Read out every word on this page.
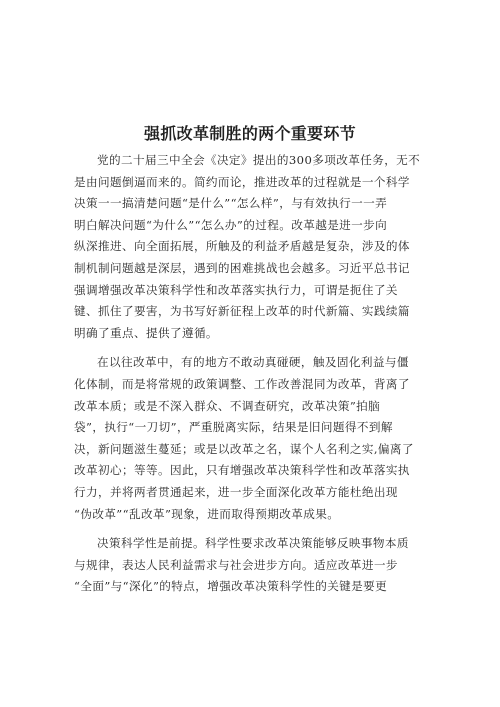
强抓改革制胜的两个重要环节
党的二十届三中全会《决定》提出的300多项改革任务，无不
是由问题倒逼而来的。简约而论，推进改革的过程就是一个科学
决策一一搞清楚问题“是什么”“怎么样”，与有效执行一一弄
明白解决问题“为什么”“怎么办”的过程。改革越是进一步向
纵深推进、向全面拓展，所触及的利益矛盾越是复杂，涉及的体
制机制问题越是深层，遇到的困难挑战也会越多。习近平总书记
强调增强改革决策科学性和改革落实执行力，可谓是扼住了关
键、抓住了要害，为书写好新征程上改革的时代新篇、实践续篇
明确了重点、提供了遵循。
在以往改革中，有的地方不敢动真碰硬，触及固化利益与僵
化体制，而是将常规的政策调整、工作改善混同为改革，背离了
改革本质；或是不深入群众、不调查研究，改革决策”拍脑
袋”，执行“一刀切”，严重脱离实际，结果是旧问题得不到解
决，新问题滋生蔓延；或是以改革之名，谋个人名利之实,偏离了
改革初心；等等。因此，只有增强改革决策科学性和改革落实执
行力，并将两者贯通起来，进一步全面深化改革方能杜绝出现
“伪改革”“乱改革”现象，进而取得预期改革成果。
决策科学性是前提。科学性要求改革决策能够反映事物本质
与规律，表达人民利益需求与社会进步方向。适应改革进一步
“全面”与“深化”的特点，增强改革决策科学性的关键是要更
